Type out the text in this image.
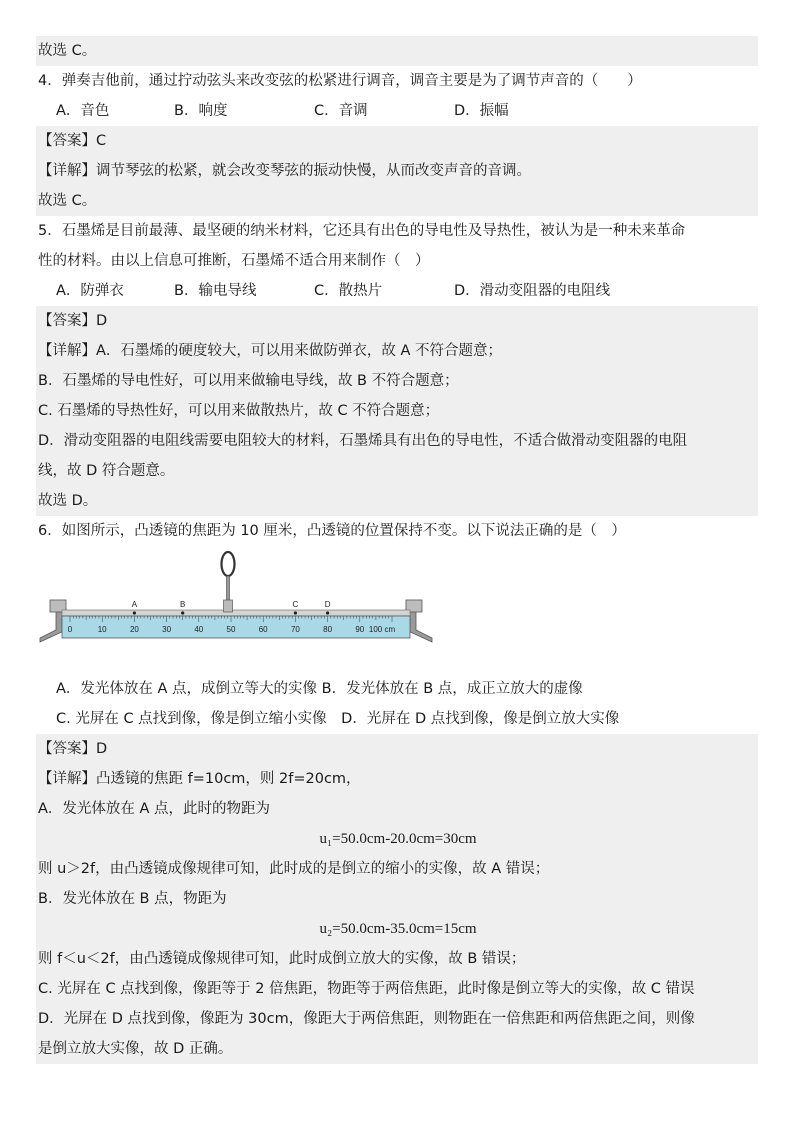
故选 C。
4．弹奏吉他前，通过拧动弦头来改变弦的松紧进行调音，调音主要是为了调节声音的（　　）
A．音色	B．响度	C．音调	D．振幅
【答案】C
【详解】调节琴弦的松紧，就会改变琴弦的振动快慢，从而改变声音的音调。
故选 C。
5．石墨烯是目前最薄、最坚硬的纳米材料，它还具有出色的导电性及导热性，被认为是一种未来革命
性的材料。由以上信息可推断，石墨烯不适合用来制作（　）
A．防弹衣	B．输电导线	C．散热片	D．滑动变阻器的电阻线
【答案】D
【详解】A．石墨烯的硬度较大，可以用来做防弹衣，故 A 不符合题意；
B．石墨烯的导电性好，可以用来做输电导线，故 B 不符合题意；
C. 石墨烯的导热性好，可以用来做散热片，故 C 不符合题意；
D．滑动变阻器的电阻线需要电阻较大的材料，石墨烯具有出色的导电性，不适合做滑动变阻器的电阻
线，故 D 符合题意。
故选 D。
6．如图所示，凸透镜的焦距为 10 厘米，凸透镜的位置保持不变。以下说法正确的是（　）
0	10	20	30	40	50	60	70	80	90 100 cm
A	B	C	D
A．发光体放在 A 点，成倒立等大的实像 B．发光体放在 B 点，成正立放大的虚像
C. 光屏在 C 点找到像，像是倒立缩小实像　D．光屏在 D 点找到像，像是倒立放大实像
【答案】D
【详解】凸透镜的焦距 f=10cm，则 2f=20cm，
A．发光体放在 A 点，此时的物距为
u₁=50.0cm-20.0cm=30cm
则 u＞2f，由凸透镜成像规律可知，此时成的是倒立的缩小的实像，故 A 错误；
B．发光体放在 B 点，物距为
u₂=50.0cm-35.0cm=15cm
则 f＜u＜2f，由凸透镜成像规律可知，此时成倒立放大的实像，故 B 错误；
C. 光屏在 C 点找到像，像距等于 2 倍焦距，物距等于两倍焦距，此时像是倒立等大的实像，故 C 错误
D．光屏在 D 点找到像，像距为 30cm，像距大于两倍焦距，则物距在一倍焦距和两倍焦距之间，则像
是倒立放大实像，故 D 正确。
